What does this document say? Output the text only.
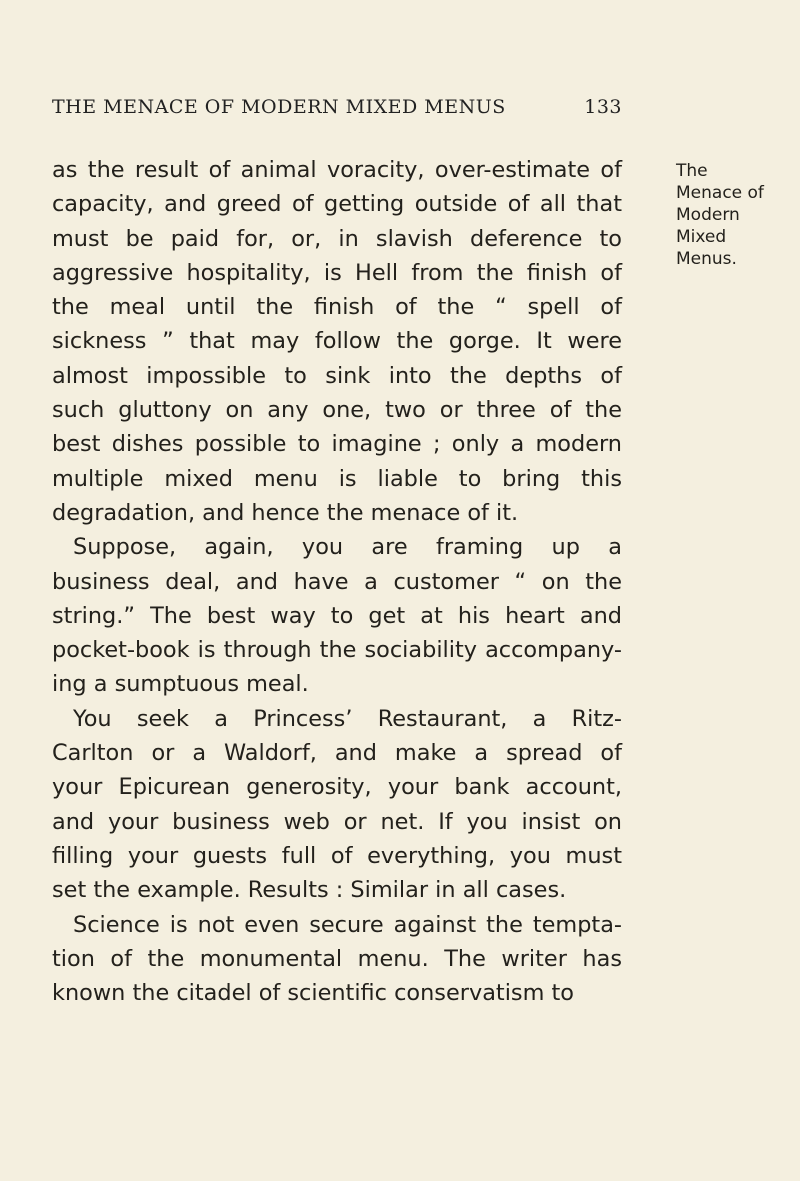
THE MENACE OF MODERN MIXED MENUS	133
The
Menace of
Modern
Mixed
Menus.
as the result of animal voracity, over-estimate of
capacity, and greed of getting outside of all that
must be paid for, or, in slavish deference to
aggressive hospitality, is Hell from the finish of
the meal until the finish of the “ spell of
sickness ” that may follow the gorge. It were
almost impossible to sink into the depths of
such gluttony on any one, two or three of the
best dishes possible to imagine ; only a modern
multiple mixed menu is liable to bring this
degradation, and hence the menace of it.
Suppose, again, you are framing up a
business deal, and have a customer “ on the
string.” The best way to get at his heart and
pocket-book is through the sociability accompany-
ing a sumptuous meal.
You seek a Princess’ Restaurant, a Ritz-
Carlton or a Waldorf, and make a spread of
your Epicurean generosity, your bank account,
and your business web or net. If you insist on
filling your guests full of everything, you must
set the example. Results : Similar in all cases.
Science is not even secure against the tempta-
tion of the monumental menu. The writer has
known the citadel of scientific conservatism to
